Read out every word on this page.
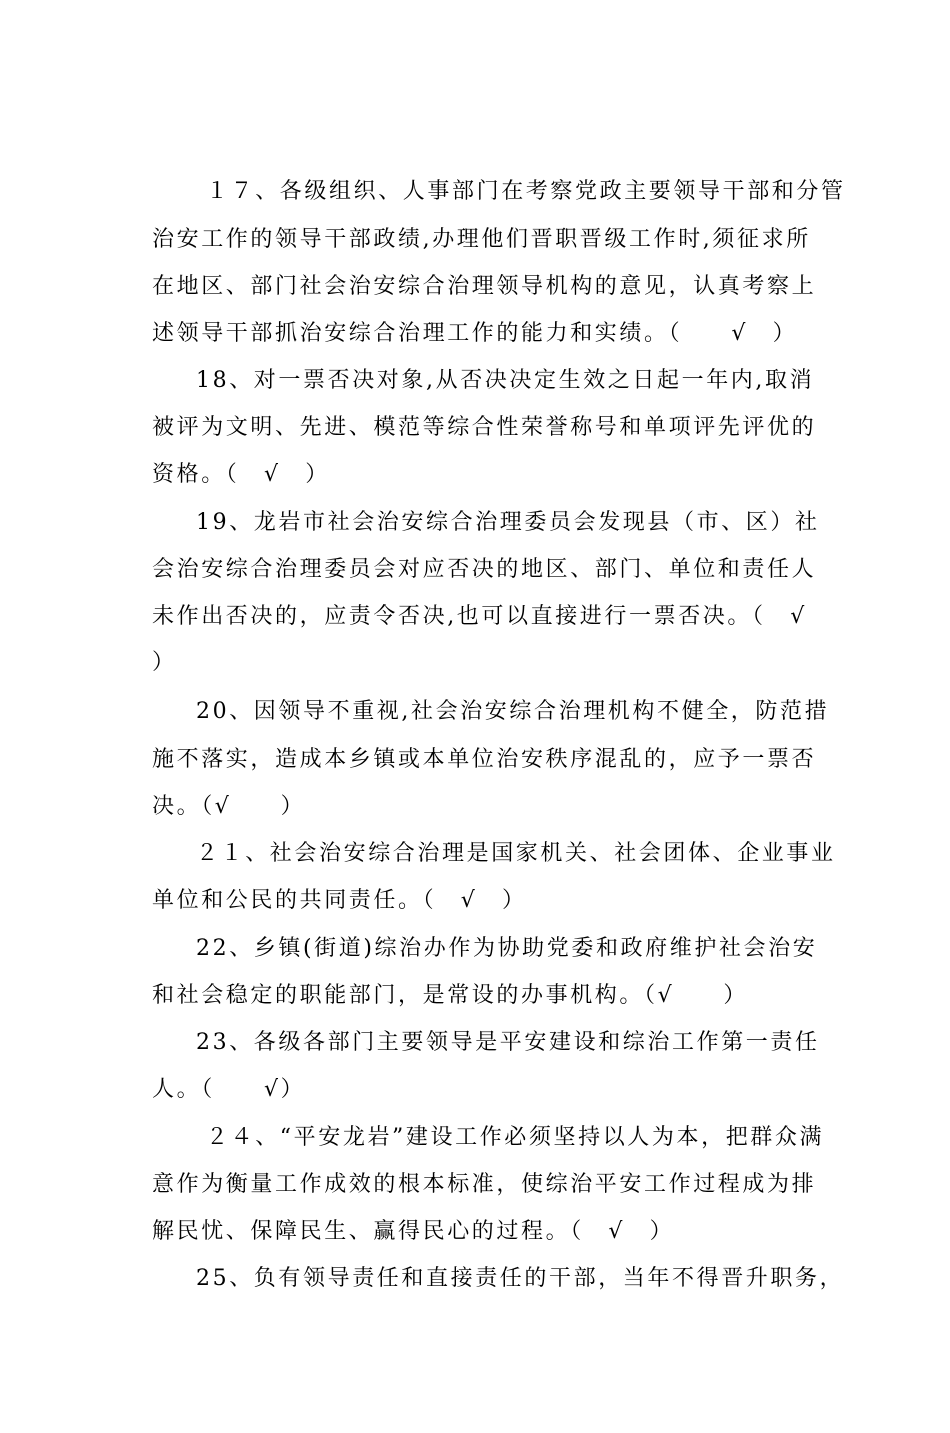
１７、各级组织、人事部门在考察党政主要领导干部和分管
治安工作的领导干部政绩,办理他们晋职晋级工作时,须征求所
在地区、部门社会治安综合治理领导机构的意见，认真考察上
述领导干部抓治安综合治理工作的能力和实绩。（　　√　）
18、对一票否决对象,从否决决定生效之日起一年内,取消
被评为文明、先进、模范等综合性荣誉称号和单项评先评优的
资格。（　√　）
19、龙岩市社会治安综合治理委员会发现县（市、区）社
会治安综合治理委员会对应否决的地区、部门、单位和责任人
未作出否决的，应责令否决,也可以直接进行一票否决。（　√
）
20、因领导不重视,社会治安综合治理机构不健全，防范措
施不落实，造成本乡镇或本单位治安秩序混乱的，应予一票否
决。（√　　）
２１、社会治安综合治理是国家机关、社会团体、企业事业
单位和公民的共同责任。（　√　）
22、乡镇(街道)综治办作为协助党委和政府维护社会治安
和社会稳定的职能部门，是常设的办事机构。（√　　）
23、各级各部门主要领导是平安建设和综治工作第一责任
人。（　　√）
２４、“平安龙岩”建设工作必须坚持以人为本，把群众满
意作为衡量工作成效的根本标准，使综治平安工作过程成为排
解民忧、保障民生、赢得民心的过程。（　√　）
25、负有领导责任和直接责任的干部，当年不得晋升职务，
